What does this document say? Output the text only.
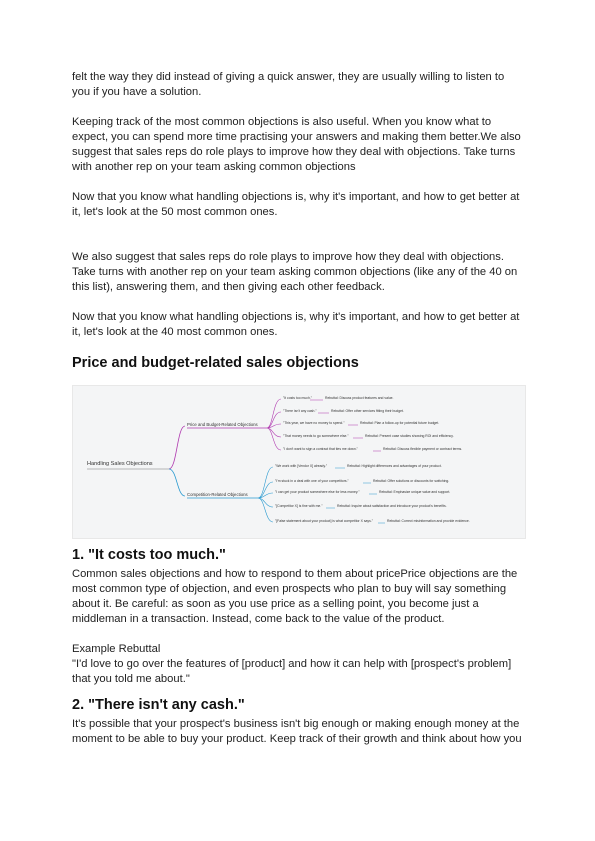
felt the way they did instead of giving a quick answer, they are usually willing to listen to you if you have a solution.

Keeping track of the most common objections is also useful. When you know what to expect, you can spend more time practising your answers and making them better.We also suggest that sales reps do role plays to improve how they deal with objections. Take turns with another rep on your team asking common objections

Now that you know what handling objections is, why it's important, and how to get better at it, let's look at the 50 most common ones.

We also suggest that sales reps do role plays to improve how they deal with objections. Take turns with another rep on your team asking common objections (like any of the 40 on this list), answering them, and then giving each other feedback.

Now that you know what handling objections is, why it's important, and how to get better at it, let's look at the 40 most common ones.

Price and budget-related sales objections
Handling Sales Objections
Price and Budget-Related Objections
"It costs too much."	Rebuttal: Discuss product features and value.
"There isn't any cash."	Rebuttal: Offer other services fitting their budget.
"This year, we have no money to spend."	Rebuttal: Plan a follow-up for potential future budget.
"That money needs to go somewhere else."	Rebuttal: Present case studies showing ROI and efficiency.
"I don't want to sign a contract that ties me down."	Rebuttal: Discuss flexible payment or contract terms.
Competition-Related Objections
"We work with [Vendor X] already."	Rebuttal: Highlight differences and advantages of your product.
"I'm stuck in a deal with one of your competitors."	Rebuttal: Offer solutions or discounts for switching.
"I can get your product somewhere else for less money."	Rebuttal: Emphasize unique value and support.
"[Competitor X] is fine with me."	Rebuttal: Inquire about satisfaction and introduce your product's benefits.
"[False statement about your product] is what competitor X says."	Rebuttal: Correct misinformation and provide evidence.
1. "It costs too much."

Common sales objections and how to respond to them about pricePrice objections are the most common type of objection, and even prospects who plan to buy will say something about it. Be careful: as soon as you use price as a selling point, you become just a middleman in a transaction. Instead, come back to the value of the product.

Example Rebuttal

"I'd love to go over the features of [product] and how it can help with [prospect's problem] that you told me about."

2. "There isn't any cash."

It's possible that your prospect's business isn't big enough or making enough money at the moment to be able to buy your product. Keep track of their growth and think about how you
